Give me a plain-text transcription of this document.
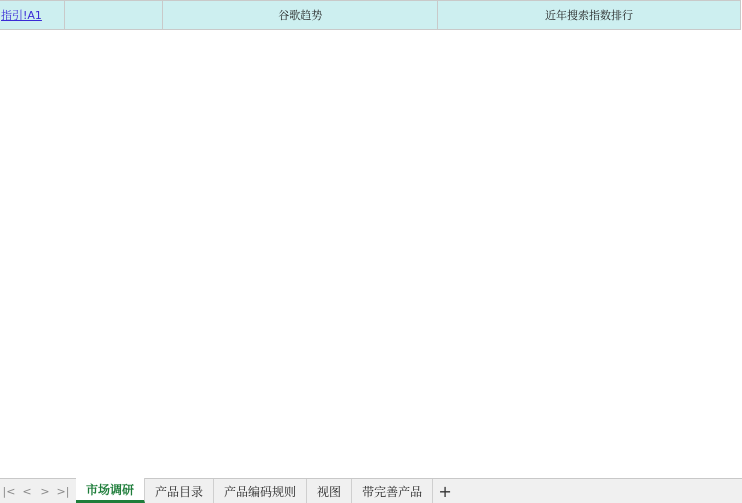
指引!A1		谷歌趋势	近年搜索指数排行
|< < > >|	市场调研	产品目录	产品编码规则	视图	带完善产品	+
